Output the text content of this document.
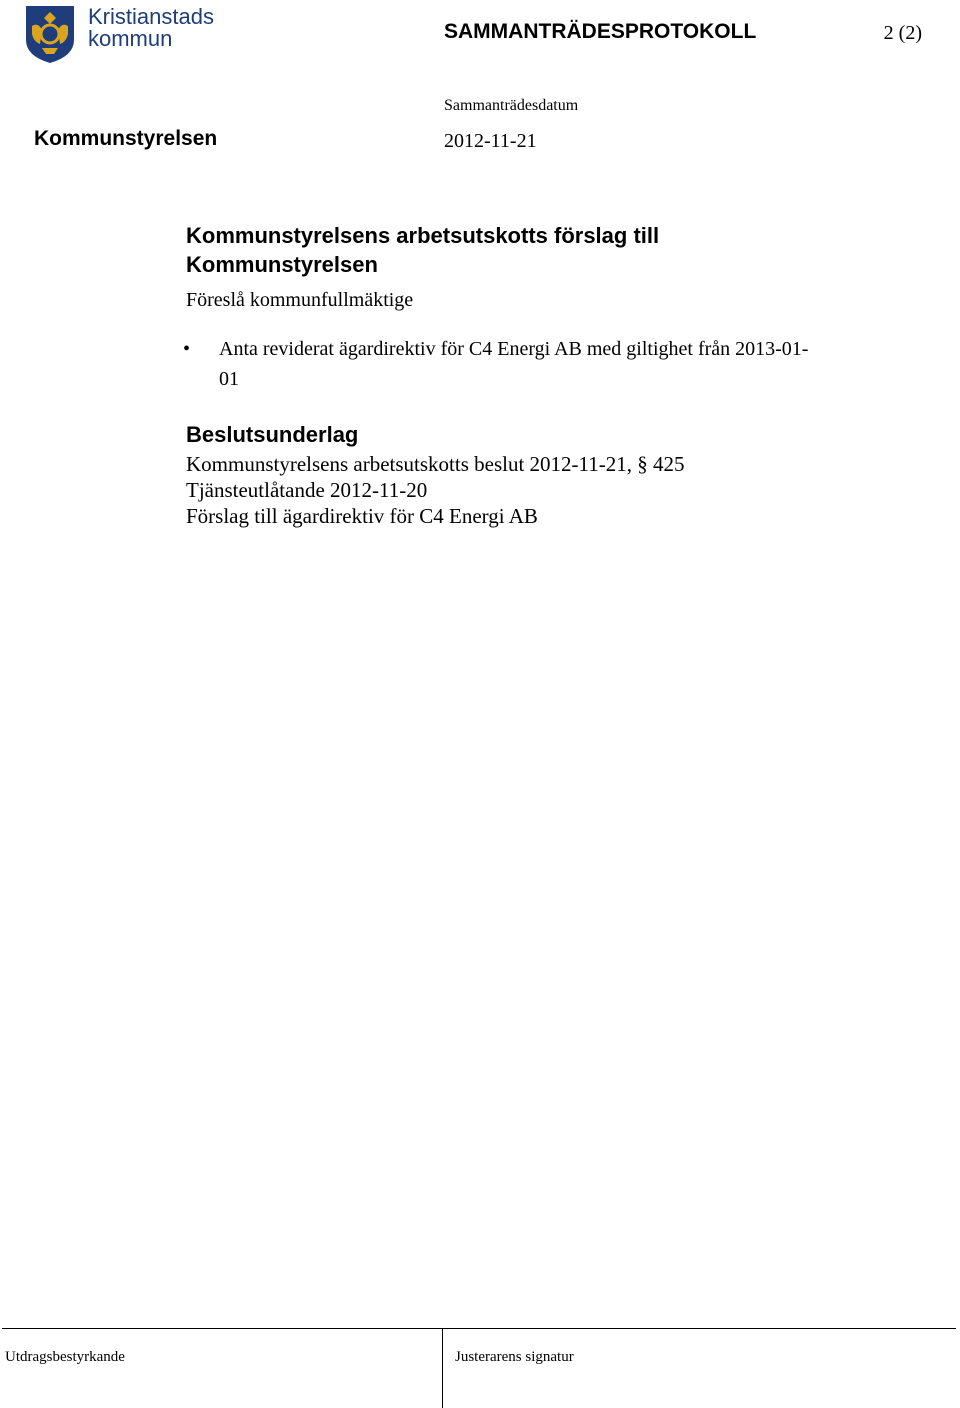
Kristianstads
kommun	SAMMANTRÄDESPROTOKOLL	2 (2)
Sammanträdesdatum
Kommunstyrelsen	2012-11-21
Kommunstyrelsens arbetsutskotts förslag till Kommunstyrelsen
Föreslå kommunfullmäktige
• Anta reviderat ägardirektiv för C4 Energi AB med giltighet från 2013-01-01
Beslutsunderlag
Kommunstyrelsens arbetsutskotts beslut 2012-11-21, § 425
Tjänsteutlåtande 2012-11-20
Förslag till ägardirektiv för C4 Energi AB
Utdragsbestyrkande	Justerarens signatur
